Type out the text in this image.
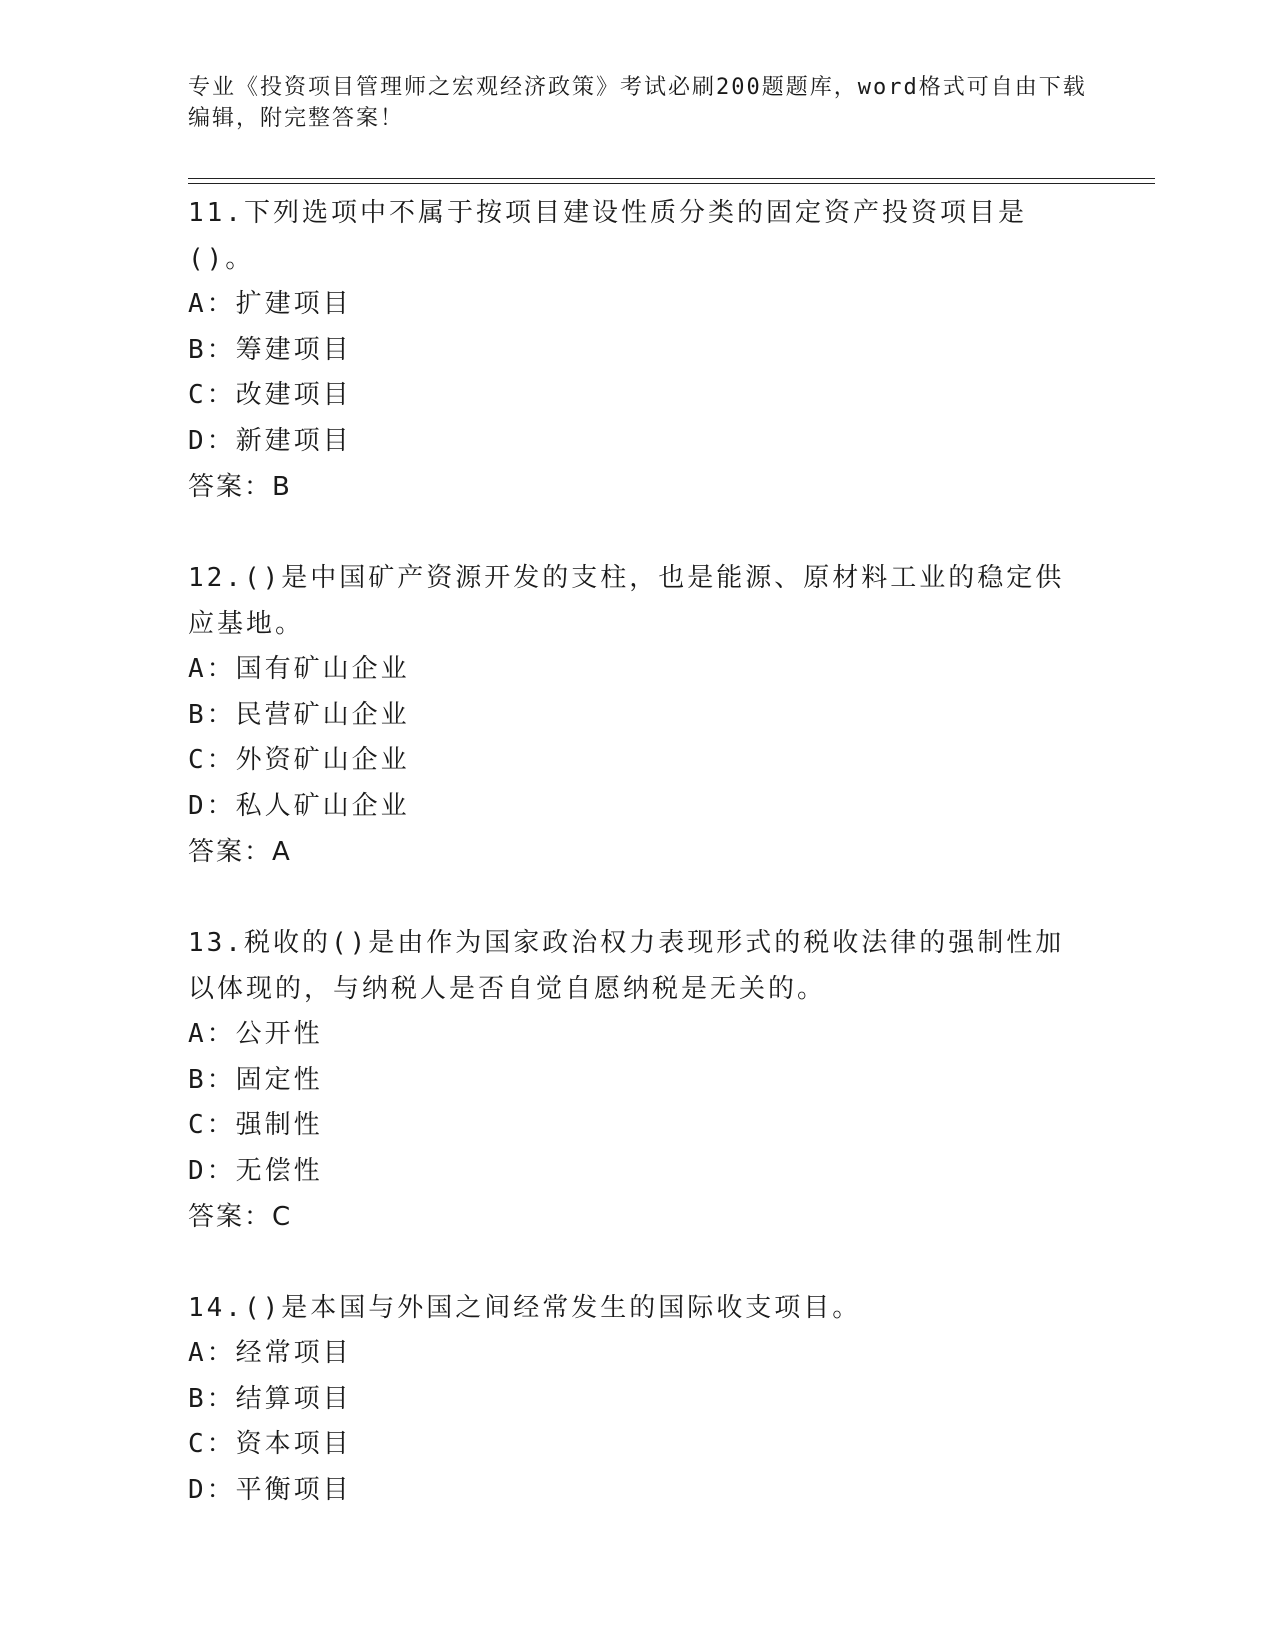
专业《投资项目管理师之宏观经济政策》考试必刷200题题库，word格式可自由下载编辑，附完整答案！
11.下列选项中不属于按项目建设性质分类的固定资产投资项目是()。
A：扩建项目
B：筹建项目
C：改建项目
D：新建项目
答案：B
12.()是中国矿产资源开发的支柱，也是能源、原材料工业的稳定供应基地。
A：国有矿山企业
B：民营矿山企业
C：外资矿山企业
D：私人矿山企业
答案：A
13.税收的()是由作为国家政治权力表现形式的税收法律的强制性加以体现的，与纳税人是否自觉自愿纳税是无关的。
A：公开性
B：固定性
C：强制性
D：无偿性
答案：C
14.()是本国与外国之间经常发生的国际收支项目。
A：经常项目
B：结算项目
C：资本项目
D：平衡项目
